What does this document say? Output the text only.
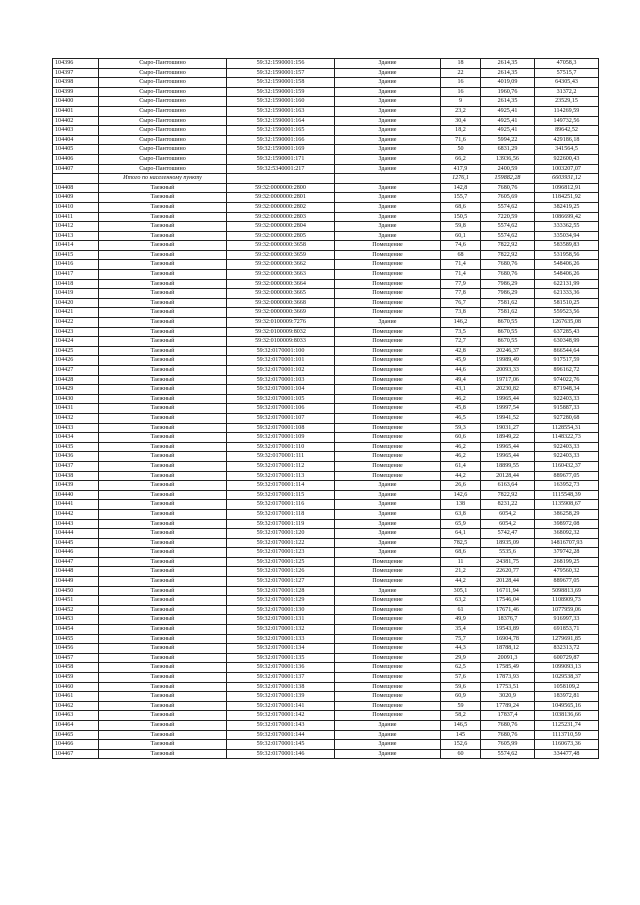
104396	Сыро-Пантошино	59:32:1590001:156	Здание	18	2614,35	47058,3
104397	Сыро-Пантошино	59:32:1590001:157	Здание	22	2614,35	57515,7
104398	Сыро-Пантошино	59:32:1590001:158	Здание	16	4019,09	64305,43
104399	Сыро-Пантошино	59:32:1590001:159	Здание	16	1960,76	31372,2
104400	Сыро-Пантошино	59:32:1590001:160	Здание	9	2614,35	23529,15
104401	Сыро-Пантошино	59:32:1590001:163	Здание	23,2	4925,41	114269,59
104402	Сыро-Пантошино	59:32:1590001:164	Здание	30,4	4925,41	149732,56
104403	Сыро-Пантошино	59:32:1590001:165	Здание	18,2	4925,41	89642,52
104404	Сыро-Пантошино	59:32:1590001:166	Здание	71,6	5994,22	429186,18
104405	Сыро-Пантошино	59:32:1590001:169	Здание	50	6831,29	341564,5
104406	Сыро-Пантошино	59:32:1590001:171	Здание	66,2	13936,56	922600,43
104407	Сыро-Пантошино	59:32:5340001:217	Здание	417,9	2400,59	1003207,07
	Итого по населенному пункту			1276,1	159882,28	6603931,12
104408	Таежный	59:32:0000000:2800	Здание	142,8	7680,76	1096812,91
104409	Таежный	59:32:0000000:2801	Здание	155,7	7605,69	1184251,92
104410	Таежный	59:32:0000000:2802	Здание	68,6	5574,62	382419,25
104411	Таежный	59:32:0000000:2803	Здание	150,5	7220,59	1086699,42
104412	Таежный	59:32:0000000:2804	Здание	59,8	5574,62	333362,55
104413	Таежный	59:32:0000000:2805	Здание	60,1	5574,62	335034,94
104414	Таежный	59:32:0000000:3658	Помещение	74,6	7822,92	583589,83
104415	Таежный	59:32:0000000:3659	Помещение	68	7822,92	531958,56
104416	Таежный	59:32:0000000:3662	Помещение	71,4	7680,76	548406,26
104417	Таежный	59:32:0000000:3663	Помещение	71,4	7680,76	548406,26
104418	Таежный	59:32:0000000:3664	Помещение	77,9	7986,29	622131,99
104419	Таежный	59:32:0000000:3665	Помещение	77,8	7986,29	621333,36
104420	Таежный	59:32:0000000:3668	Помещение	76,7	7581,62	581510,25
104421	Таежный	59:32:0000000:3669	Помещение	73,8	7581,62	559523,56
104422	Таежный	59:32:0100009:7276	Здание	146,2	8670,55	1267635,08
104423	Таежный	59:32:0100009:8032	Помещение	73,5	8670,55	637285,43
104424	Таежный	59:32:0100009:8033	Помещение	72,7	8670,55	630348,99
104425	Таежный	59:32:0170001:100	Помещение	42,8	20246,37	866544,64
104426	Таежный	59:32:0170001:101	Помещение	45,9	19989,49	917517,59
104427	Таежный	59:32:0170001:102	Помещение	44,6	20093,33	896162,72
104428	Таежный	59:32:0170001:103	Помещение	49,4	19717,06	974022,76
104429	Таежный	59:32:0170001:104	Помещение	43,1	20230,82	871948,34
104430	Таежный	59:32:0170001:105	Помещение	46,2	19965,44	922403,33
104431	Таежный	59:32:0170001:106	Помещение	45,8	19997,54	915887,33
104432	Таежный	59:32:0170001:107	Помещение	46,5	19941,52	927280,68
104433	Таежный	59:32:0170001:108	Помещение	59,3	19031,27	1128554,31
104434	Таежный	59:32:0170001:109	Помещение	60,6	18949,22	1148322,73
104435	Таежный	59:32:0170001:110	Помещение	46,2	19965,44	922403,33
104436	Таежный	59:32:0170001:111	Помещение	46,2	19965,44	922403,33
104437	Таежный	59:32:0170001:112	Помещение	61,4	18899,55	1160432,37
104438	Таежный	59:32:0170001:113	Помещение	44,2	20128,44	889677,05
104439	Таежный	59:32:0170001:114	Здание	26,6	6163,64	163952,73
104440	Таежный	59:32:0170001:115	Здание	142,6	7822,92	1115548,39
104441	Таежный	59:32:0170001:116	Здание	138	8231,22	1135908,67
104442	Таежный	59:32:0170001:118	Здание	63,8	6054,2	386258,29
104443	Таежный	59:32:0170001:119	Здание	65,9	6054,2	398972,08
104444	Таежный	59:32:0170001:120	Здание	64,1	5742,47	368092,32
104445	Таежный	59:32:0170001:122	Здание	782,5	18935,09	14816707,93
104446	Таежный	59:32:0170001:123	Здание	68,6	5535,6	379742,28
104447	Таежный	59:32:0170001:125	Помещение	11	24381,75	268199,25
104448	Таежный	59:32:0170001:126	Помещение	21,2	22620,77	479560,32
104449	Таежный	59:32:0170001:127	Помещение	44,2	20128,44	889677,05
104450	Таежный	59:32:0170001:128	Здание	305,1	16711,94	5098813,69
104451	Таежный	59:32:0170001:129	Помещение	63,2	17546,04	1108909,73
104452	Таежный	59:32:0170001:130	Помещение	61	17671,46	1077959,06
104453	Таежный	59:32:0170001:131	Помещение	49,9	18376,7	916997,33
104454	Таежный	59:32:0170001:132	Помещение	35,4	19543,89	691853,71
104455	Таежный	59:32:0170001:133	Помещение	75,7	16904,78	1279691,85
104456	Таежный	59:32:0170001:134	Помещение	44,3	18788,12	832313,72
104457	Таежный	59:32:0170001:135	Помещение	29,9	20091,3	600729,87
104458	Таежный	59:32:0170001:136	Помещение	62,5	17585,49	1099093,13
104459	Таежный	59:32:0170001:137	Помещение	57,6	17873,93	1029538,37
104460	Таежный	59:32:0170001:138	Помещение	59,6	17753,51	1058109,2
104461	Таежный	59:32:0170001:139	Помещение	60,9	3020,9	183972,81
104462	Таежный	59:32:0170001:141	Помещение	59	17789,24	1049565,16
104463	Таежный	59:32:0170001:142	Помещение	58,2	17837,4	1038136,66
104464	Таежный	59:32:0170001:143	Здание	146,5	7680,76	1125231,74
104465	Таежный	59:32:0170001:144	Здание	145	7680,76	1113710,59
104466	Таежный	59:32:0170001:145	Здание	152,6	7605,99	1160673,36
104467	Таежный	59:32:0170001:146	Здание	60	5574,62	334477,48
